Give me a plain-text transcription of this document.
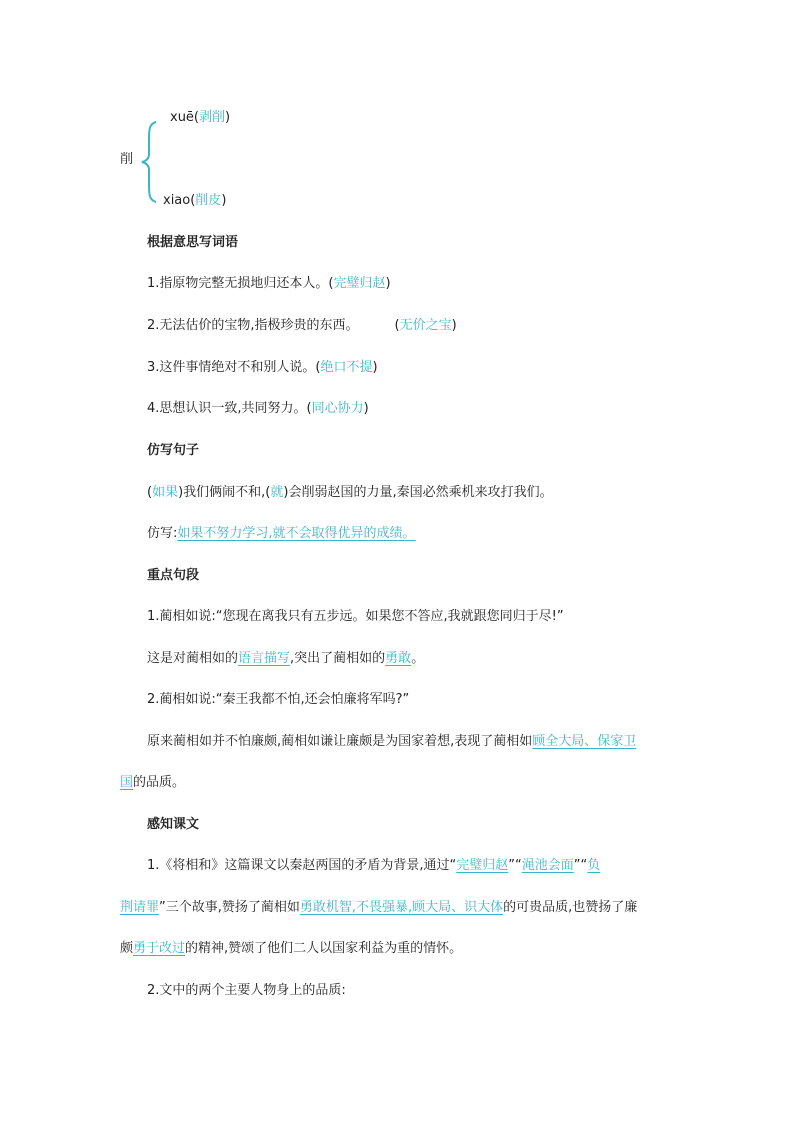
xuē(剥削)
削
xiao(削皮)
根据意思写词语
1.指原物完整无损地归还本人。(完璧归赵)
2.无法估价的宝物,指极珍贵的东西。	(无价之宝)
3.这件事情绝对不和别人说。(绝口不提)
4.思想认识一致,共同努力。(同心协力)
仿写句子
(如果)我们俩闹不和,(就)会削弱赵国的力量,秦国必然乘机来攻打我们。
仿写:如果不努力学习,就不会取得优异的成绩。
重点句段
1.蔺相如说:“您现在离我只有五步远。如果您不答应,我就跟您同归于尽!”
这是对蔺相如的语言描写,突出了蔺相如的勇敢。
2.蔺相如说:“秦王我都不怕,还会怕廉将军吗?”
原来蔺相如并不怕廉颇,蔺相如谦让廉颇是为国家着想,表现了蔺相如顾全大局、保家卫
国的品质。
感知课文
1.《将相和》这篇课文以秦赵两国的矛盾为背景,通过“完璧归赵”“渑池会面”“负
荆请罪”三个故事,赞扬了蔺相如勇敢机智,不畏强暴,顾大局、识大体的可贵品质,也赞扬了廉
颇勇于改过的精神,赞颂了他们二人以国家利益为重的情怀。
2.文中的两个主要人物身上的品质:
